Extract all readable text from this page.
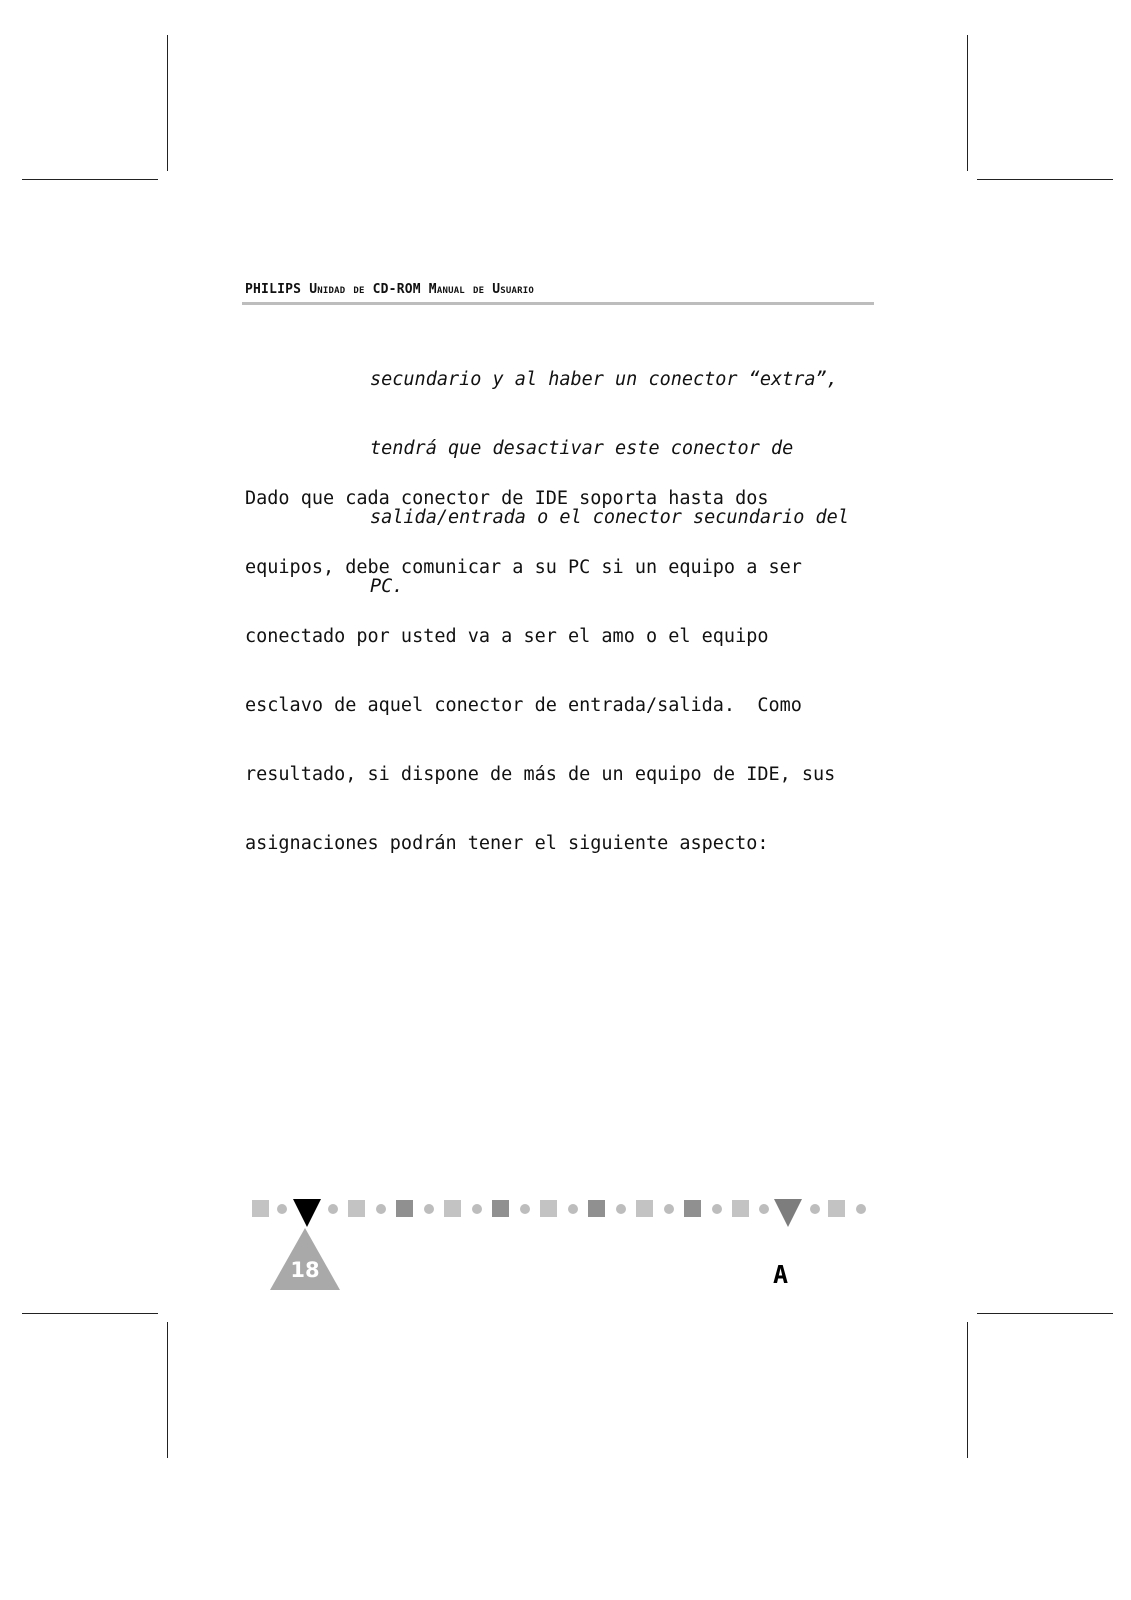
PHILIPS Unidad de CD-ROM Manual de Usuario

secundario y al haber un conector “extra”,

tendrá que desactivar este conector de

salida/entrada o el conector secundario del

PC.

Dado que cada conector de IDE soporta hasta dos

equipos, debe comunicar a su PC si un equipo a ser

conectado por usted va a ser el amo o el equipo

esclavo de aquel conector de entrada/salida.  Como

resultado, si dispone de más de un equipo de IDE, sus

asignaciones podrán tener el siguiente aspecto:

18	A
